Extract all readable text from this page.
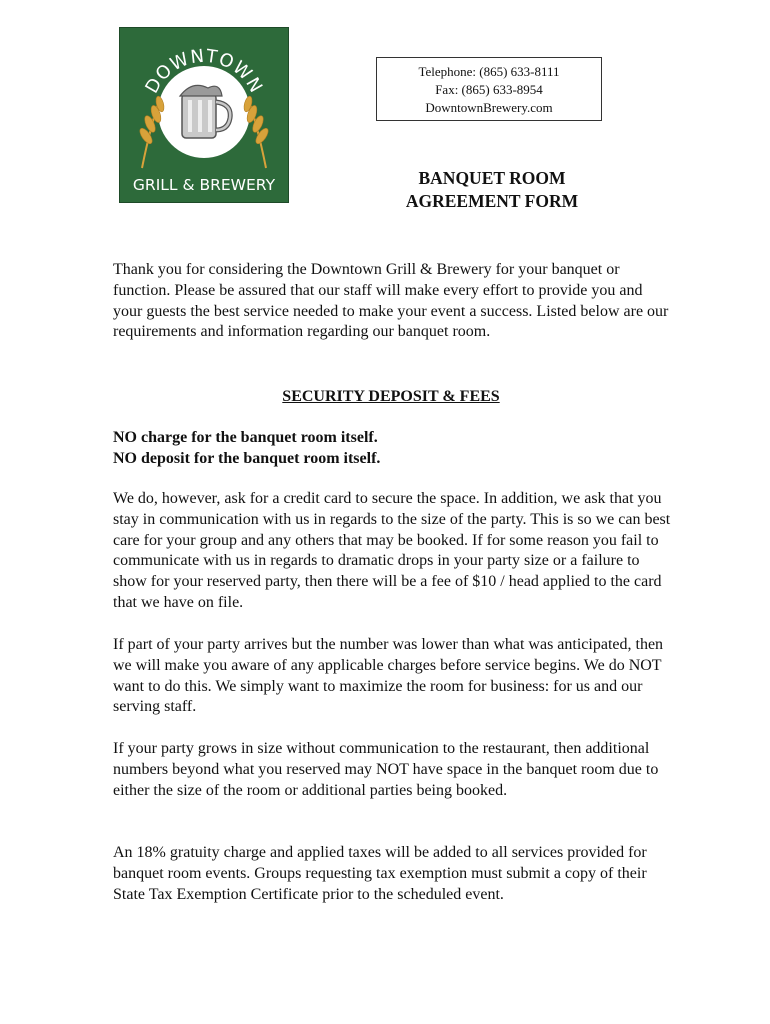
DOWNTOWN
GRILL & BREWERY
Telephone: (865) 633-8111
Fax: (865) 633-8954
DowntownBrewery.com
BANQUET ROOM
AGREEMENT FORM

Thank you for considering the Downtown Grill & Brewery for your banquet or function. Please be assured that our staff will make every effort to provide you and your guests the best service needed to make your event a success. Listed below are our requirements and information regarding our banquet room.

SECURITY DEPOSIT & FEES
NO charge for the banquet room itself.
NO deposit for the banquet room itself.

We do, however, ask for a credit card to secure the space. In addition, we ask that you stay in communication with us in regards to the size of the party. This is so we can best care for your group and any others that may be booked. If for some reason you fail to communicate with us in regards to dramatic drops in your party size or a failure to show for your reserved party, then there will be a fee of $10 / head applied to the card that we have on file.

If part of your party arrives but the number was lower than what was anticipated, then we will make you aware of any applicable charges before service begins. We do NOT want to do this. We simply want to maximize the room for business: for us and our serving staff.

If your party grows in size without communication to the restaurant, then additional numbers beyond what you reserved may NOT have space in the banquet room due to either the size of the room or additional parties being booked.

An 18% gratuity charge and applied taxes will be added to all services provided for banquet room events. Groups requesting tax exemption must submit a copy of their State Tax Exemption Certificate prior to the scheduled event.
